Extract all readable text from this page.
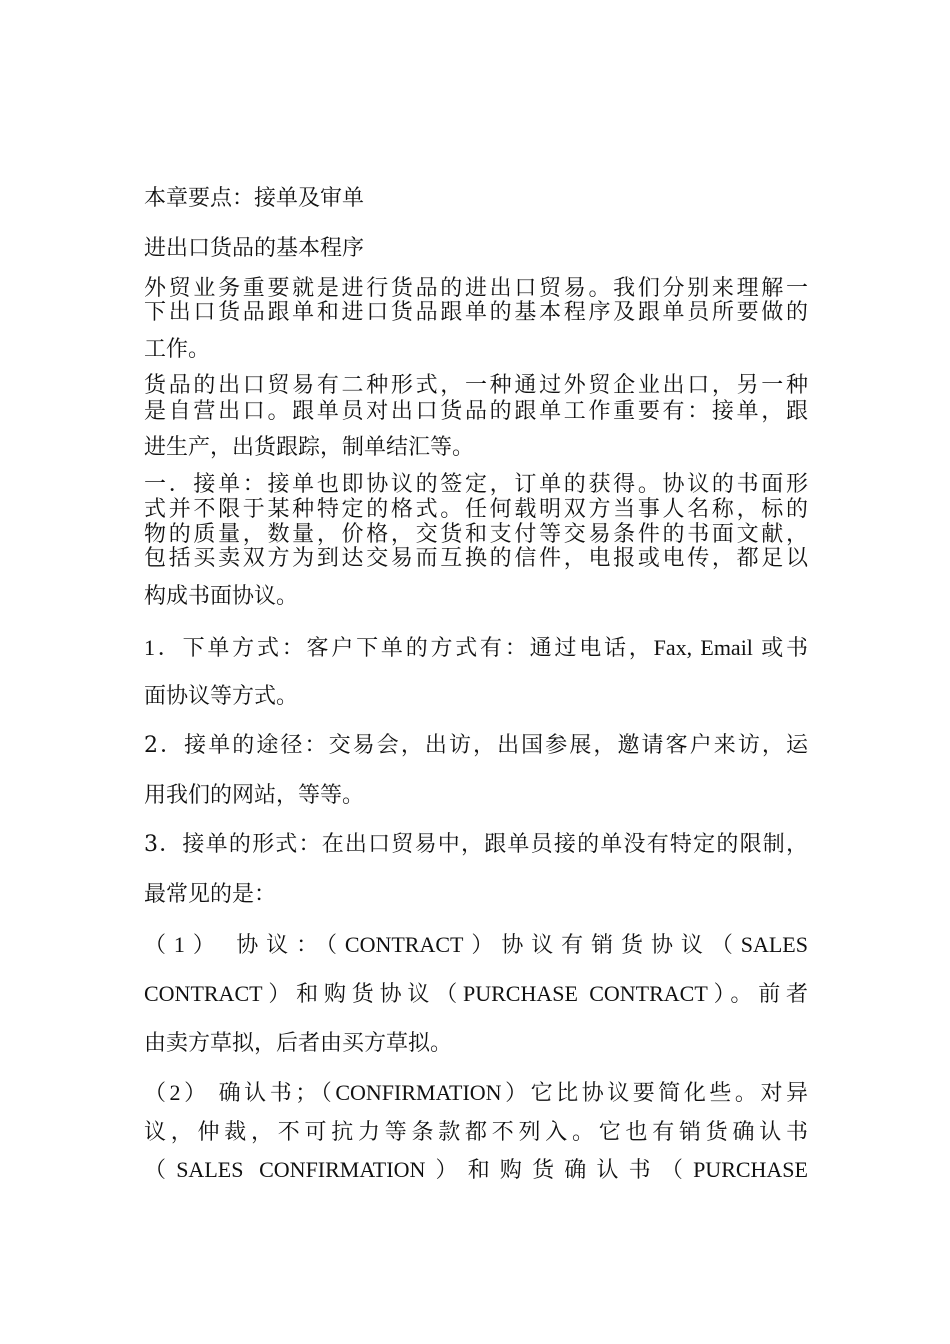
本章要点：接单及审单
进出口货品的基本程序
外贸业务重要就是进行货品的进出口贸易。我们分别来理解一
下出口货品跟单和进口货品跟单的基本程序及跟单员所要做的
工作。
货品的出口贸易有二种形式，一种通过外贸企业出口，另一种
是自营出口。跟单员对出口货品的跟单工作重要有：接单，跟
进生产，出货跟踪，制单结汇等。
一．接单：接单也即协议的签定，订单的获得。协议的书面形
式并不限于某种特定的格式。任何载明双方当事人名称，标的
物的质量，数量，价格，交货和支付等交易条件的书面文献，
包括买卖双方为到达交易而互换的信件，电报或电传，都足以
构成书面协议。
1．下单方式：客户下单的方式有：通过电话，Fax, Email 或书
面协议等方式。
2．接单的途径：交易会，出访，出国参展，邀请客户来访，运
用我们的网站，等等。
3．接单的形式：在出口贸易中，跟单员接的单没有特定的限制，
最常见的是：
（1） 协议：（CONTRACT）协议有销货协议（SALES
CONTRACT）和购货协议（PURCHASE CONTRACT）。前者
由卖方草拟，后者由买方草拟。
（2） 确认书；（CONFIRMATION）它比协议要简化些。对异
议，仲裁，不可抗力等条款都不列入。它也有销货确认书
（SALES CONFIRMATION）和购货确认书（PURCHASE
